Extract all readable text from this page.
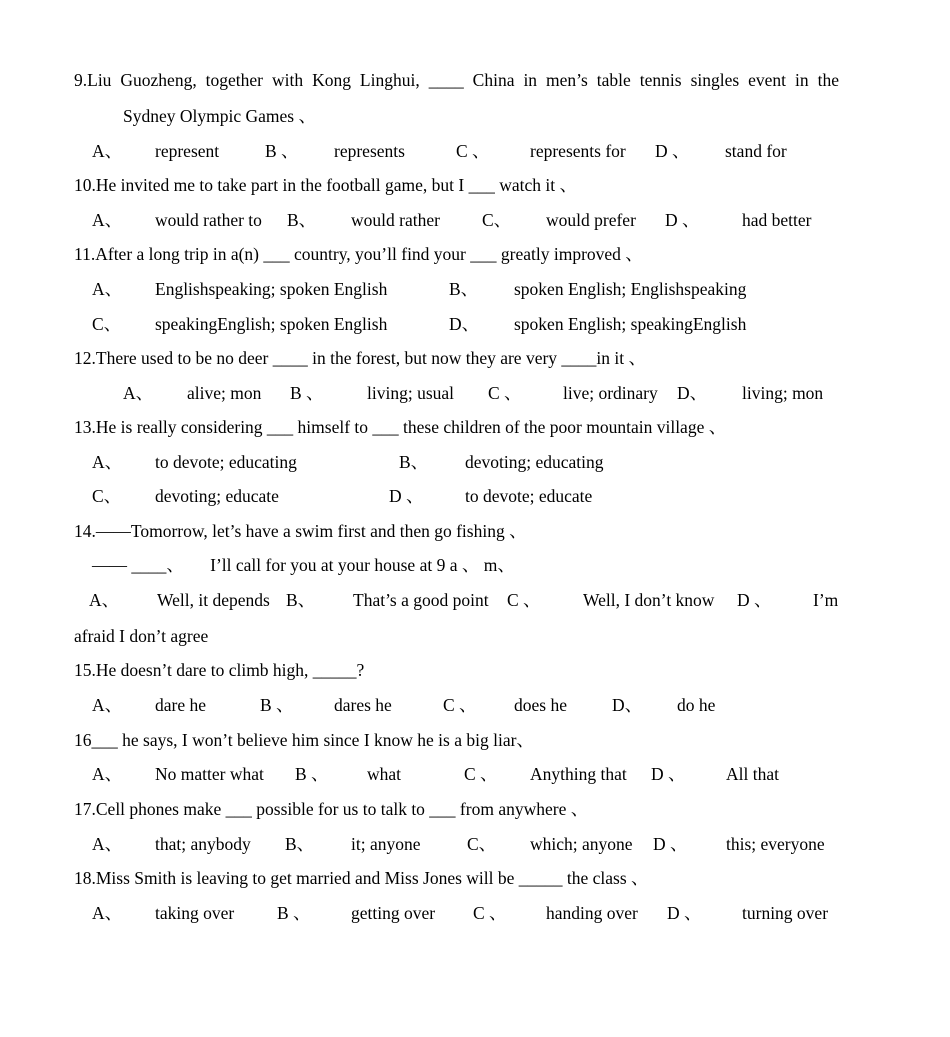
9.Liu Guozheng, together with Kong Linghui, ____ China in men’s table tennis singles event in the
Sydney Olympic Games 、
A、 represent	B 、 represents	C 、 represents for D 、 stand for
10.He invited me to take part in the football game, but I ___ watch it 、
A、 would rather to B、 would rather C、 would prefer D 、 had better
11.After a long trip in a(n) ___ country, you’ll find your ___ greatly improved 、
A、 Englishspeaking; spoken English	B、 spoken English; Englishspeaking
C、 speakingEnglish; spoken English	D、 spoken English; speakingEnglish
12.There used to be no deer ____ in the forest, but now they are very ____in it 、
A、 alive; mon B 、 living; usual C 、 live; ordinary D、 living; mon
13.He is really considering ___ himself to ___ these children of the poor mountain village 、
A、 to devote; educating	B、 devoting; educating
C、 devoting; educate	D 、 to devote; educate
14.——Tomorrow, let’s have a swim first and then go fishing 、
—— ____、      I’ll call for you at your house at 9 a 、 m、
A、 Well, it depends B、 That’s a good point C 、 Well, I don’t know D 、 I’m
afraid I don’t agree
15.He doesn’t dare to climb high, _____?
A、 dare he	B 、 dares he	C 、 does he	D、 do he
16___ he says, I won’t believe him since I know he is a big liar、
A、 No matter what B 、 what	C 、 Anything that D 、 All that
17.Cell phones make ___ possible for us to talk to ___ from anywhere 、
A、 that; anybody B、 it; anyone	C、 which; anyone D 、 this; everyone
18.Miss Smith is leaving to get married and Miss Jones will be _____ the class 、
A、 taking over B 、 getting over C 、 handing over D 、 turning over
